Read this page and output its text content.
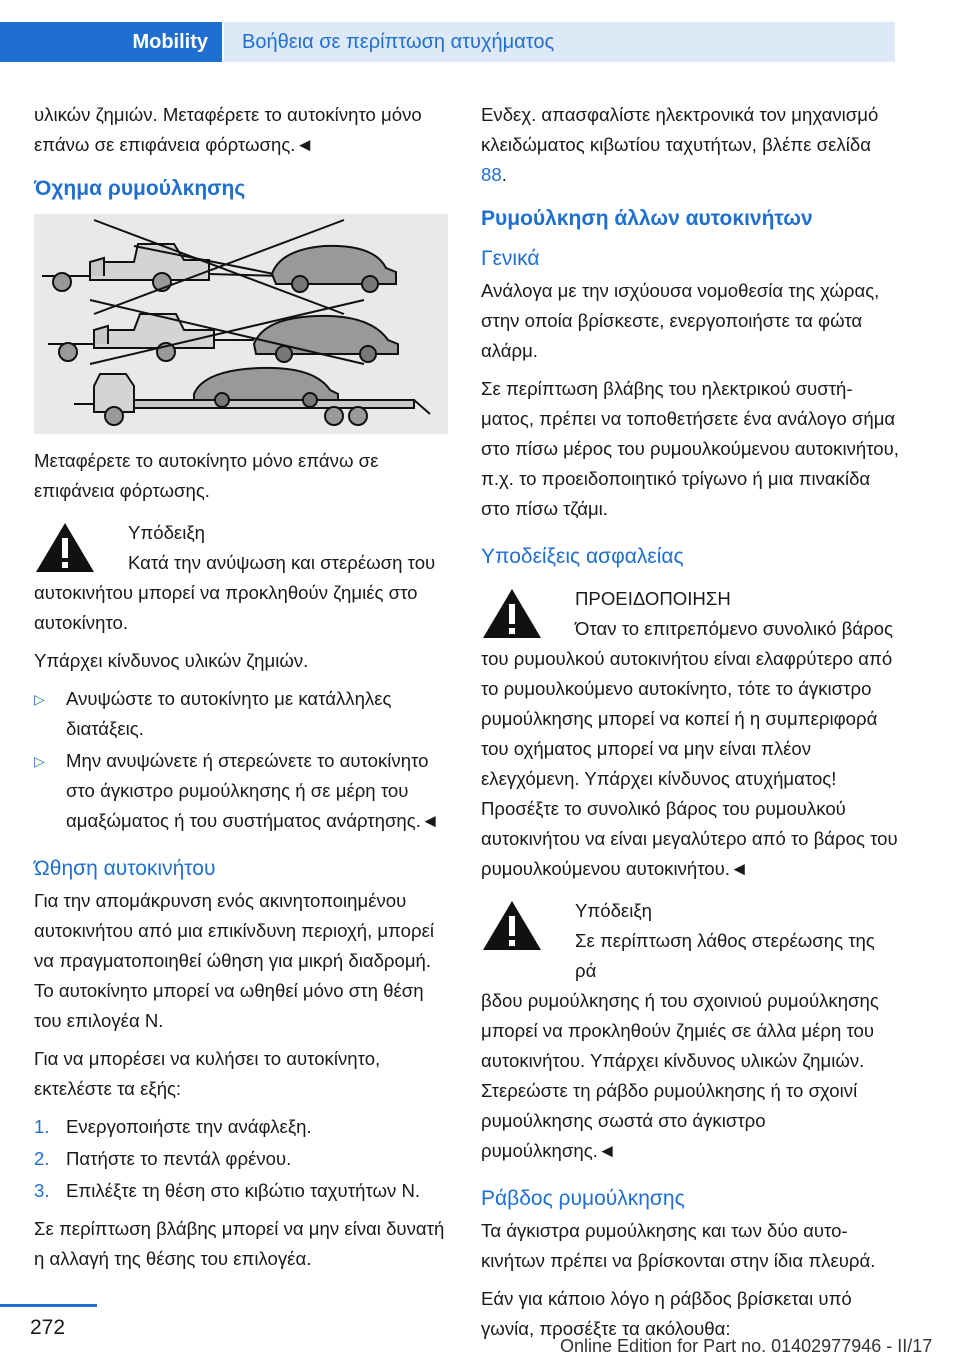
Mobility	Βοήθεια σε περίπτωση ατυχήματος

υλικών ζημιών. Μεταφέρετε το αυτοκίνητο μόνο επάνω σε επιφάνεια φόρτωσης.◄

Όχημα ρυμούλκησης

Μεταφέρετε το αυτοκίνητο μόνο επάνω σε επιφάνεια φόρτωσης.

Υπόδειξη
Κατά την ανύψωση και στερέωση του
αυτοκινήτου μπορεί να προκληθούν ζημιές στο αυτοκίνητο.

Υπάρχει κίνδυνος υλικών ζημιών.

▷ Ανυψώστε το αυτοκίνητο με κατάλληλες διατάξεις.
▷ Μην ανυψώνετε ή στερεώνετε το αυτοκίνητο στο άγκιστρο ρυμούλκησης ή σε μέρη του αμαξώματος ή του συστήματος ανάρτησης.◄
Ώθηση αυτοκινήτου

Για την απομάκρυνση ενός ακινητοποιημένου αυτοκινήτου από μια επικίνδυνη περιοχή, μπορεί να πραγματοποιηθεί ώθηση για μικρή διαδρομή. Το αυτοκίνητο μπορεί να ωθηθεί μόνο στη θέση του επιλογέα N.

Για να μπορέσει να κυλήσει το αυτοκίνητο, εκτελέστε τα εξής:

1. Ενεργοποιήστε την ανάφλεξη.
2. Πατήστε το πεντάλ φρένου.
3. Επιλέξτε τη θέση στο κιβώτιο ταχυτήτων N.

Σε περίπτωση βλάβης μπορεί να μην είναι δυνατή η αλλαγή της θέσης του επιλογέα.

Ενδεχ. απασφαλίστε ηλεκτρονικά τον μηχανισμό κλειδώματος κιβωτίου ταχυτήτων, βλέπε σελίδα 88.

Ρυμούλκηση άλλων αυτοκινήτων
Γενικά

Ανάλογα με την ισχύουσα νομοθεσία της χώρας, στην οποία βρίσκεστε, ενεργοποιήστε τα φώτα αλάρμ.

Σε περίπτωση βλάβης του ηλεκτρικού συστήματος, πρέπει να τοποθετήσετε ένα ανάλογο σήμα στο πίσω μέρος του ρυμουλκούμενου αυτοκινήτου, π.χ. το προειδοποιητικό τρίγωνο ή μια πινακίδα στο πίσω τζάμι.

Υποδείξεις ασφαλείας
ΠΡΟΕΙΔΟΠΟΙΗΣΗ
Όταν το επιτρεπόμενο συνολικό βάρος
του ρυμουλκού αυτοκινήτου είναι ελαφρύτερο από το ρυμουλκούμενο αυτοκίνητο, τότε το άγκιστρο ρυμούλκησης μπορεί να κοπεί ή η συμπεριφορά του οχήματος μπορεί να μην είναι πλέον ελεγχόμενη. Υπάρχει κίνδυνος ατυχήματος! Προσέξτε το συνολικό βάρος του ρυμουλκού αυτοκινήτου να είναι μεγαλύτερο από το βάρος του ρυμουλκούμενου αυτοκινήτου.◄
Υπόδειξη
Σε περίπτωση λάθος στερέωσης της ρά
βδου ρυμούλκησης ή του σχοινιού ρυμούλκησης μπορεί να προκληθούν ζημιές σε άλλα μέρη του αυτοκινήτου. Υπάρχει κίνδυνος υλικών ζημιών. Στερεώστε τη ράβδο ρυμούλκησης ή το σχοινί ρυμούλκησης σωστά στο άγκιστρο ρυμούλκησης.◄
Ράβδος ρυμούλκησης

Τα άγκιστρα ρυμούλκησης και των δύο αυτοκινήτων πρέπει να βρίσκονται στην ίδια πλευρά.

Εάν για κάποιο λόγο η ράβδος βρίσκεται υπό γωνία, προσέξτε τα ακόλουθα:

272
Online Edition for Part no. 01402977946 - II/17
